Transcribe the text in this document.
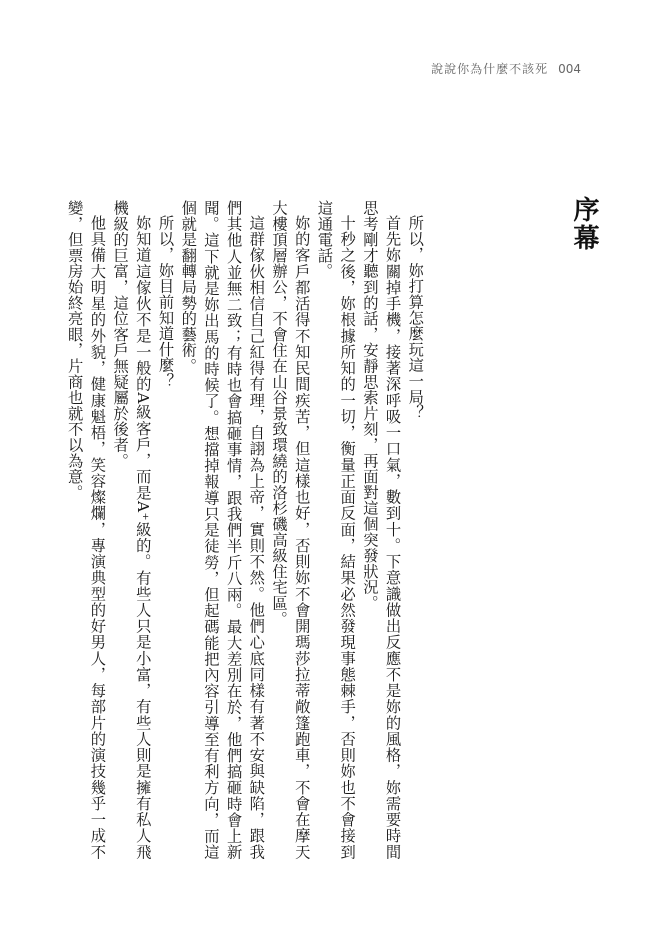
說說你為什麼不該死 004
序幕

所以，妳打算怎麼玩這一局？

首先妳關掉手機，接著深呼吸一口氣，數到十。下意識做出反應不是妳的風格，妳需要時間思考剛才聽到的話，安靜思索片刻，再面對這個突發狀況。

十秒之後，妳根據所知的一切，衡量正面反面，結果必然發現事態棘手，否則妳也不會接到這通電話。

妳的客戶都活得不知民間疾苦，但這樣也好，否則妳不會開瑪莎拉蒂敞篷跑車，不會在摩天大樓頂層辦公，不會住在山谷景致環繞的洛杉磯高級住宅區。

這群傢伙相信自己紅得有理，自詡為上帝，實則不然。他們心底同樣有著不安與缺陷，跟我們其他人並無二致；有時也會搞砸事情，跟我們半斤八兩。最大差別在於，他們搞砸時會上新聞。這下就是妳出馬的時候了。想擋掉報導只是徒勞，但起碼能把內容引導至有利方向，而這個就是翻轉局勢的藝術。

所以，妳目前知道什麼？

妳知道這傢伙不是一般的A級客戶，而是A⁺級的。有些人只是小富，有些人則是擁有私人飛機級的巨富，這位客戶無疑屬於後者。

他具備大明星的外貌，健康魁梧，笑容燦爛，專演典型的好男人，每部片的演技幾乎一成不變，但票房始終亮眼，片商也就不以為意。
